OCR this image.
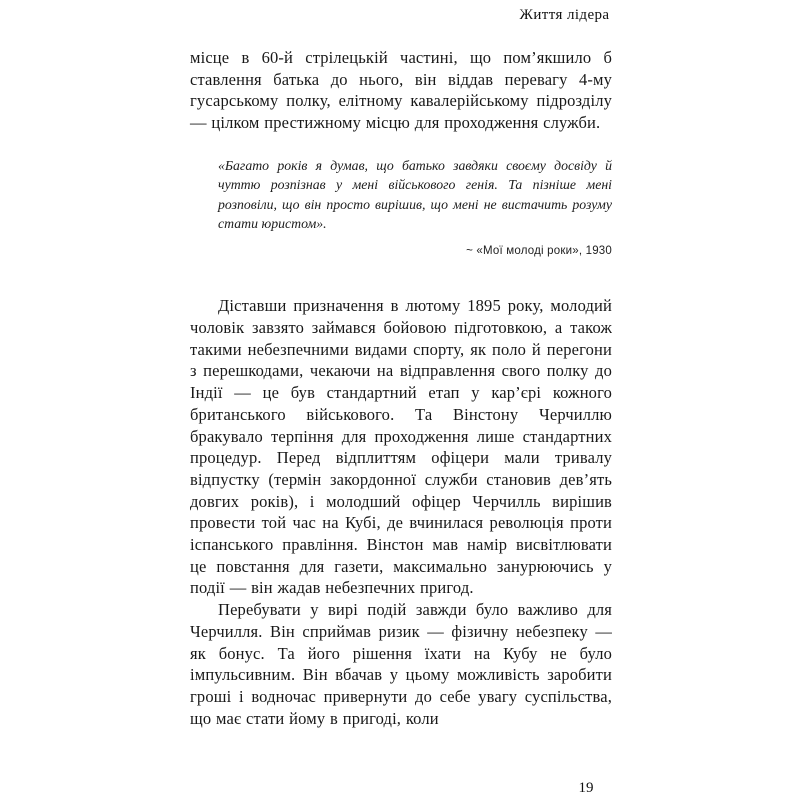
Життя лідера

місце в 60-й стрілецькій частині, що пом’якшило б ставлення батька до нього, він віддав перевагу 4-му гусарському полку, елітному кавалерійському підрозділу — цілком престижному місцю для проходження служби.

«Багато років я думав, що батько завдяки своєму досвіду й чуттю розпізнав у мені військового генія. Та пізніше мені розповіли, що він просто вирішив, що мені не вистачить розуму стати юристом».
~ «Мої молоді роки», 1930

Діставши призначення в лютому 1895 року, молодий чоловік завзято займався бойовою підготовкою, а також такими небезпечними видами спорту, як поло й перегони з перешкодами, чекаючи на відправлення свого полку до Індії — це був стандартний етап у кар’єрі кожного британського військового. Та Вінстону Черчиллю бракувало терпіння для проходження лише стандартних процедур. Перед відплиттям офіцери мали тривалу відпустку (термін закордонної служби становив дев’ять довгих років), і молодший офіцер Черчилль вирішив провести той час на Кубі, де вчинилася революція проти іспанського правління. Вінстон мав намір висвітлювати це повстання для газети, максимально занурюючись у події — він жадав небезпечних пригод.

Перебувати у вирі подій завжди було важливо для Черчилля. Він сприймав ризик — фізичну небезпеку — як бонус. Та його рішення їхати на Кубу не було імпульсивним. Він вбачав у цьому можливість заробити гроші і водночас привернути до себе увагу суспільства, що має стати йому в пригоді, коли

19
